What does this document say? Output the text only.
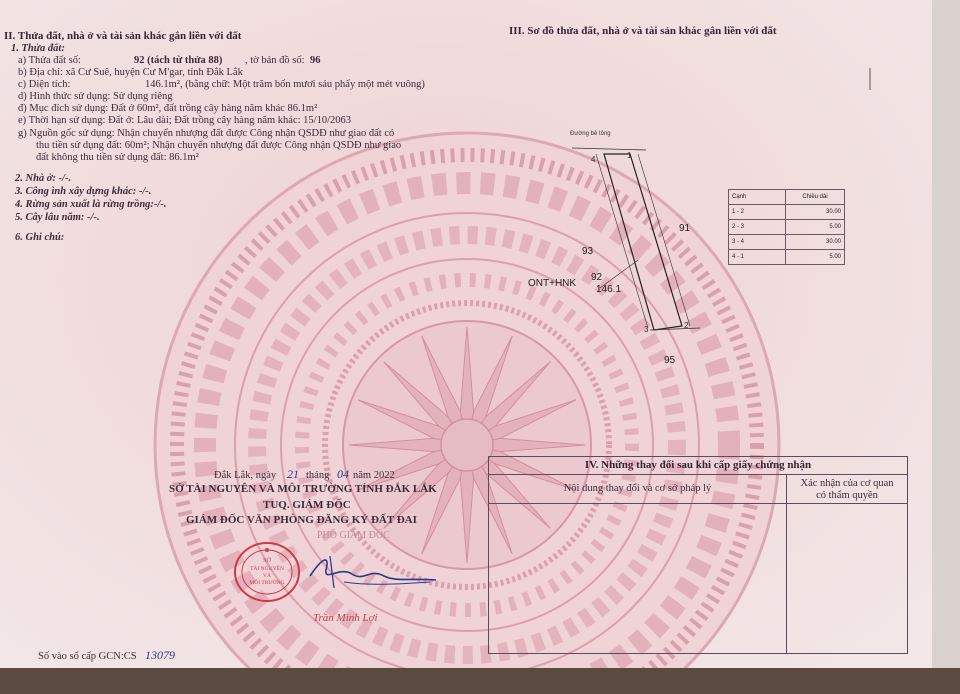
II. Thửa đất, nhà ở và tài sản khác gắn liền với đất
1. Thửa đất:
a) Thửa đất số:	92 (tách từ thửa 88) , tờ bản đồ số: 96
b) Địa chỉ: xã Cư Suê, huyện Cư M'gar, tỉnh Đắk Lắk
c) Diện tích:	146.1m², (bằng chữ: Một trăm bốn mươi sáu phẩy một mét vuông)
d) Hình thức sử dụng: Sử dụng riêng
đ) Mục đích sử dụng: Đất ở 60m², đất trồng cây hàng năm khác 86.1m²
e) Thời hạn sử dụng: Đất ở: Lâu dài; Đất trồng cây hàng năm khác: 15/10/2063
g) Nguồn gốc sử dụng: Nhận chuyển nhượng đất được Công nhận QSDĐ như giao đất có
thu tiền sử dụng đất: 60m²; Nhận chuyển nhượng đất được Công nhận QSDĐ như giao
đất không thu tiền sử dụng đất: 86.1m²
2. Nhà ở: -/-.
3. Công ình xây dựng khác: -/-.
4. Rừng sản xuất là rừng trồng:-/-.
5. Cây lâu năm: -/-.
6. Ghi chú:
III. Sơ đồ thửa đất, nhà ở và tài sản khác gắn liền với đất
Đường bê tông
1
2
3
4
91
93
95
ONT+HNK
92
146.1
Cạnh	Chiều dài
1 - 2	30.00
2 - 3	5.00
3 - 4	30.00
4 - 1	5.00
Đắk Lắk, ngày 21 tháng 04 năm 2022
SỞ TÀI NGUYÊN VÀ MÔI TRƯỜNG TỈNH ĐẮK LẮK
TUQ. GIÁM ĐỐC
GIÁM ĐỐC VĂN PHÒNG ĐĂNG KÝ ĐẤT ĐAI
PHÓ GIÁM ĐỐC
SỞ
TÀI NGUYÊN
VÀ
MÔI TRƯỜNG
Trần Minh Lợi
Số vào sổ cấp GCN:CS 13079
IV. Những thay đổi sau khi cấp giấy chứng nhận
Nội dung thay đổi và cơ sở pháp lý	Xác nhận của cơ quan
có thẩm quyền
